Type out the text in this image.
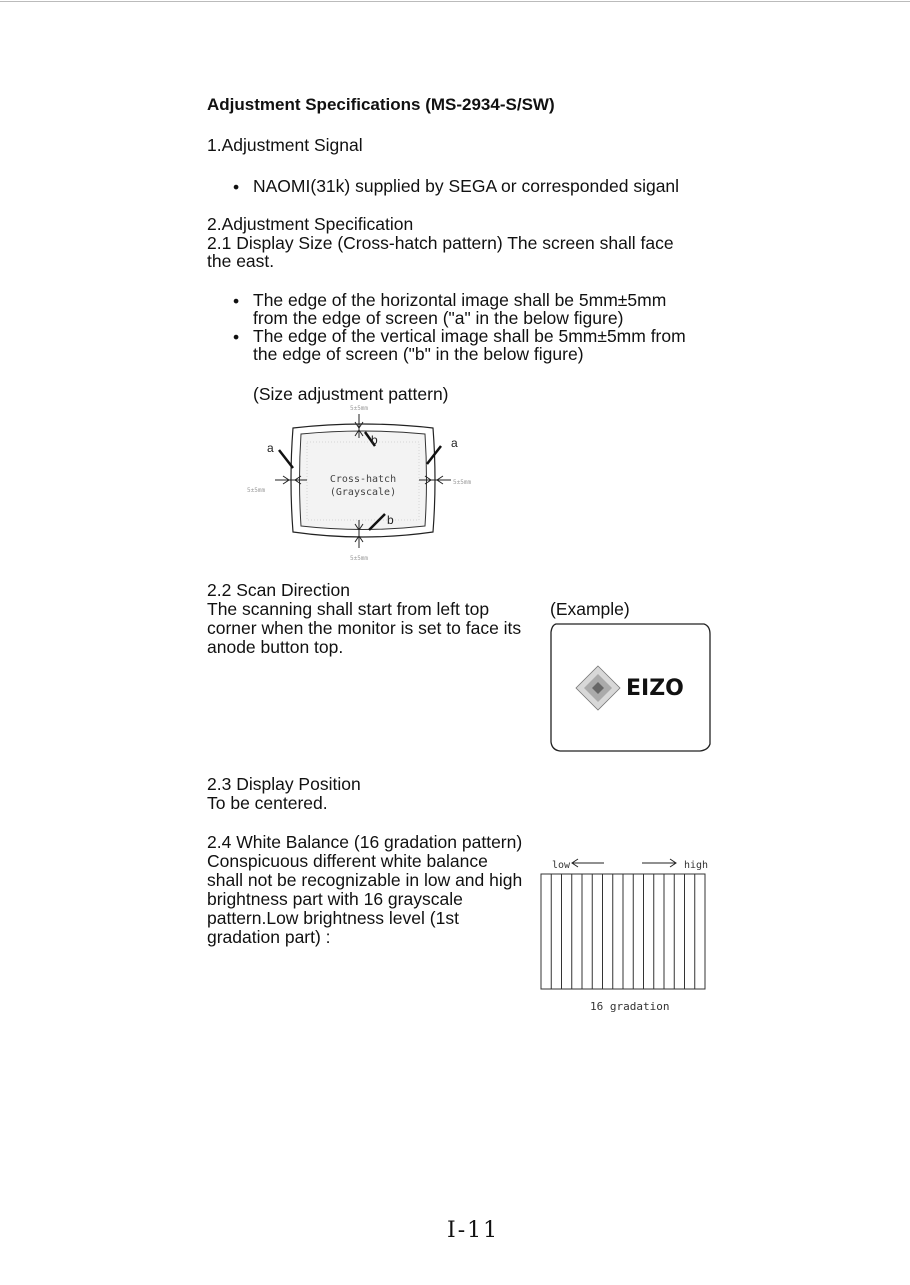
Adjustment Specifications (MS-2934-S/SW)

1.Adjustment Signal

• NAOMI(31k) supplied by SEGA or corresponded siganl

2.Adjustment Specification

2.1 Display Size (Cross-hatch pattern) The screen shall face

the east.

• The edge of the horizontal image shall be 5mm±5mm

from the edge of screen ("a" in the below figure)

• The edge of the vertical image shall be 5mm±5mm from

the edge of screen ("b" in the below figure)

(Size adjustment pattern)

a	a
b
b
Cross-hatch
(Grayscale)
5±5mm
5±5mm
5±5mm
5±5mm

2.2 Scan Direction

The scanning shall start from left top

corner when the monitor is set to face its

anode button top.

(Example)

EIZO

2.3 Display Position

To be centered.

2.4 White Balance (16 gradation pattern)

Conspicuous different white balance

shall not be recognizable in low and high

brightness part with 16 grayscale

pattern.Low brightness level (1st

gradation part) :

low	high
16 gradation
I-11
